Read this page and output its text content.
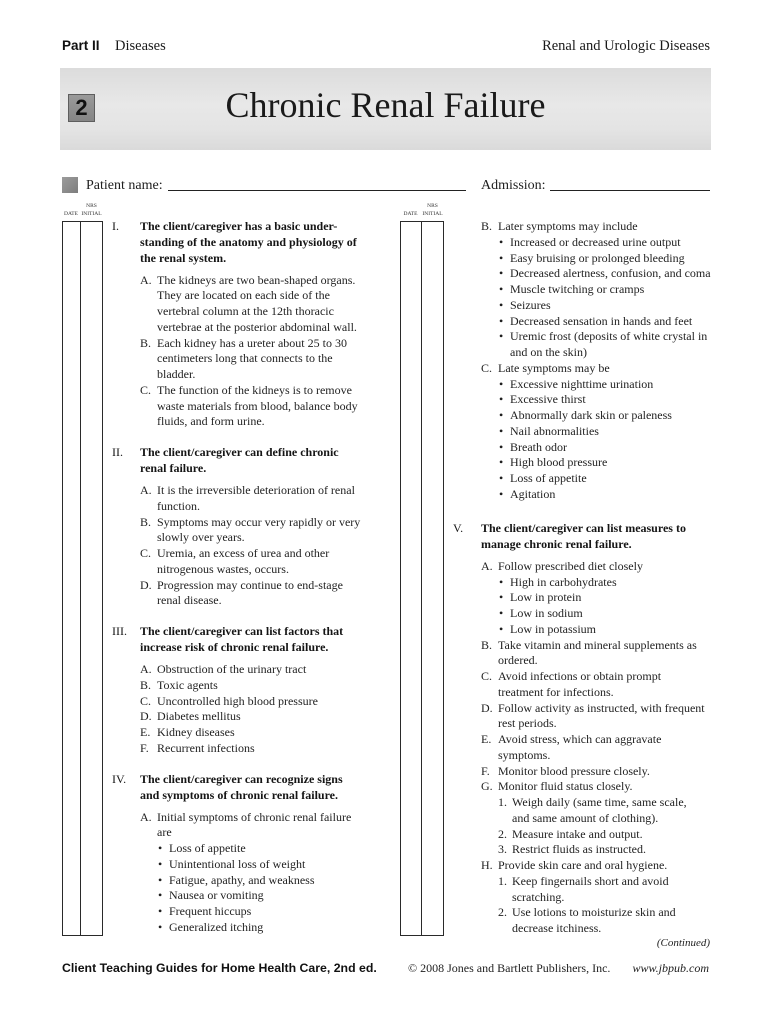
Part II Diseases	Renal and Urologic Diseases
2	Chronic Renal Failure
Patient name:	Admission:
NRS
DATE INITIAL
NRS
DATE INITIAL
I. The client/caregiver has a basic under-
standing of the anatomy and physiology of
the renal system.
A. The kidneys are two bean-shaped organs.
They are located on each side of the
vertebral column at the 12th thoracic
vertebrae at the posterior abdominal wall.
B. Each kidney has a ureter about 25 to 30
centimeters long that connects to the
bladder.
C. The function of the kidneys is to remove
waste materials from blood, balance body
fluids, and form urine.
II. The client/caregiver can define chronic
renal failure.
A. It is the irreversible deterioration of renal
function.
B. Symptoms may occur very rapidly or very
slowly over years.
C. Uremia, an excess of urea and other
nitrogenous wastes, occurs.
D. Progression may continue to end-stage
renal disease.
III. The client/caregiver can list factors that
increase risk of chronic renal failure.
A. Obstruction of the urinary tract
B. Toxic agents
C. Uncontrolled high blood pressure
D. Diabetes mellitus
E. Kidney diseases
F. Recurrent infections
IV. The client/caregiver can recognize signs
and symptoms of chronic renal failure.
A. Initial symptoms of chronic renal failure
are
• Loss of appetite
• Unintentional loss of weight
• Fatigue, apathy, and weakness
• Nausea or vomiting
• Frequent hiccups
• Generalized itching
B. Later symptoms may include
• Increased or decreased urine output
• Easy bruising or prolonged bleeding
• Decreased alertness, confusion, and coma
• Muscle twitching or cramps
• Seizures
• Decreased sensation in hands and feet
• Uremic frost (deposits of white crystal in
and on the skin)
C. Late symptoms may be
• Excessive nighttime urination
• Excessive thirst
• Abnormally dark skin or paleness
• Nail abnormalities
• Breath odor
• High blood pressure
• Loss of appetite
• Agitation
V. The client/caregiver can list measures to
manage chronic renal failure.
A. Follow prescribed diet closely
• High in carbohydrates
• Low in protein
• Low in sodium
• Low in potassium
B. Take vitamin and mineral supplements as
ordered.
C. Avoid infections or obtain prompt
treatment for infections.
D. Follow activity as instructed, with frequent
rest periods.
E. Avoid stress, which can aggravate
symptoms.
F. Monitor blood pressure closely.
G. Monitor fluid status closely.
1. Weigh daily (same time, same scale,
and same amount of clothing).
2. Measure intake and output.
3. Restrict fluids as instructed.
H. Provide skin care and oral hygiene.
1. Keep fingernails short and avoid
scratching.
2. Use lotions to moisturize skin and
decrease itchiness.
(Continued)
Client Teaching Guides for Home Health Care, 2nd ed.	© 2008 Jones and Bartlett Publishers, Inc. www.jbpub.com
